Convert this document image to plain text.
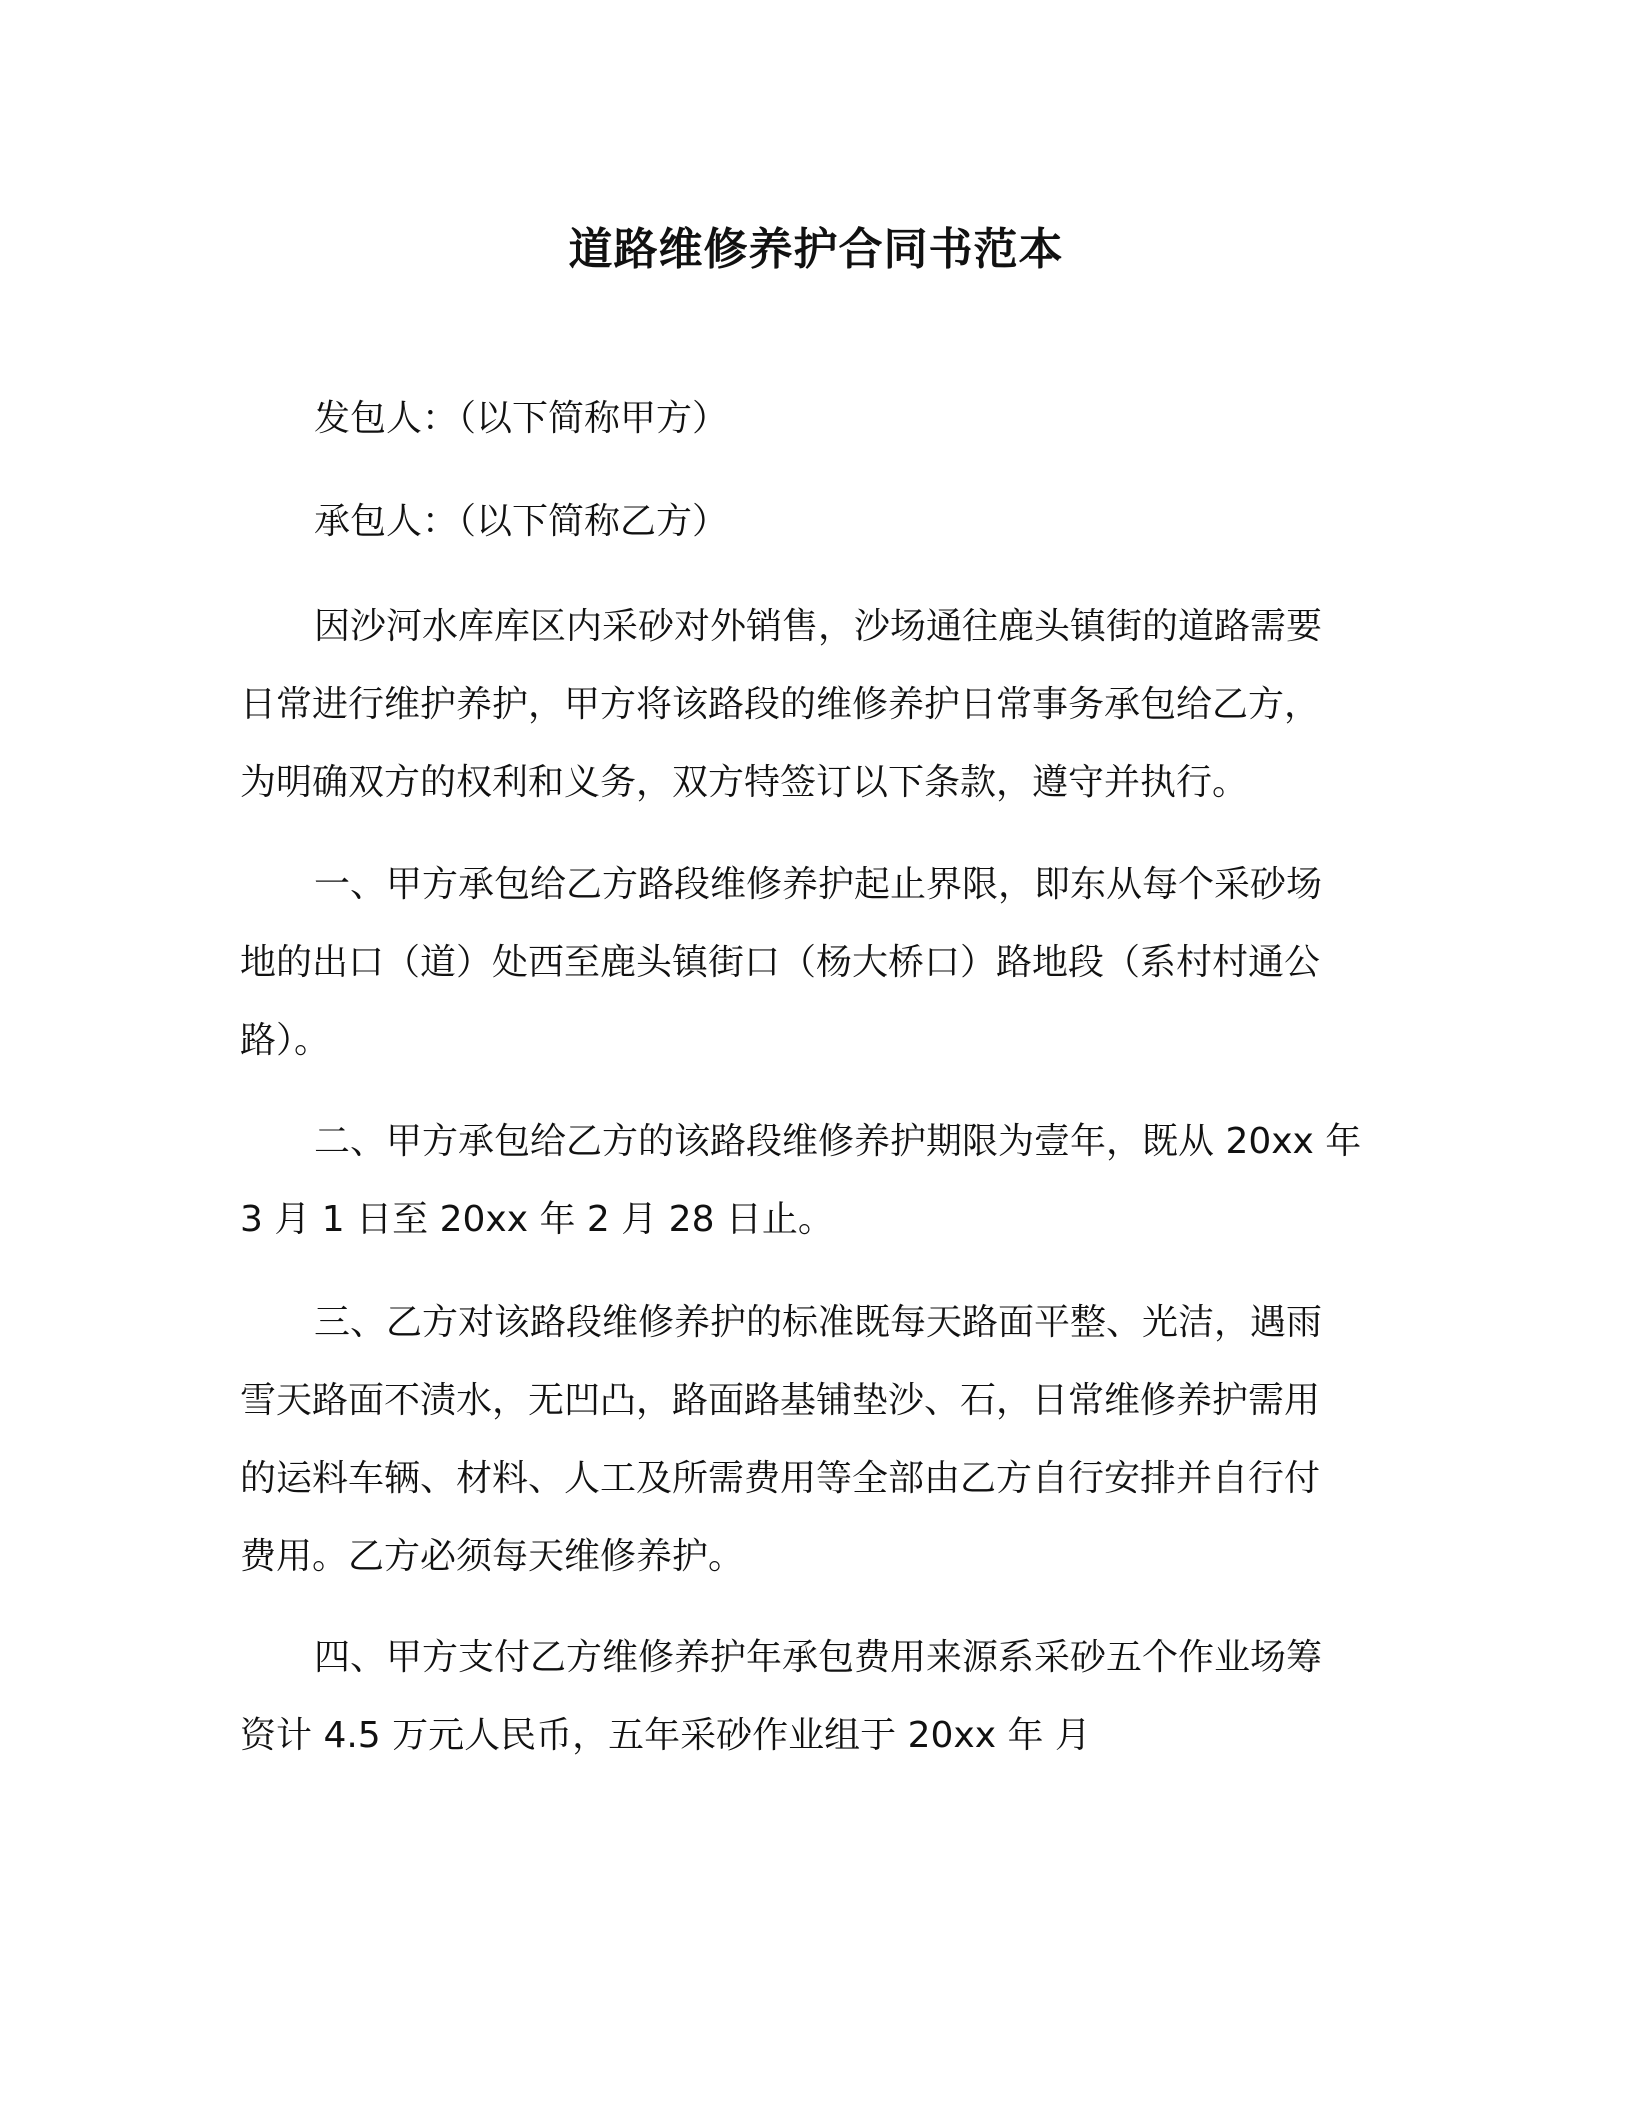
道路维修养护合同书范本
发包人：（以下简称甲方）
承包人：（以下简称乙方）
因沙河水库库区内采砂对外销售，沙场通往鹿头镇街的道路需要
日常进行维护养护，甲方将该路段的维修养护日常事务承包给乙方，
为明确双方的权利和义务，双方特签订以下条款，遵守并执行。
一、甲方承包给乙方路段维修养护起止界限，即东从每个采砂场
地的出口（道）处西至鹿头镇街口（杨大桥口）路地段（系村村通公
路）。
二、甲方承包给乙方的该路段维修养护期限为壹年，既从 20xx 年
3 月 1 日至 20xx 年 2 月 28 日止。
三、乙方对该路段维修养护的标准既每天路面平整、光洁，遇雨
雪天路面不渍水，无凹凸，路面路基铺垫沙、石，日常维修养护需用
的运料车辆、材料、人工及所需费用等全部由乙方自行安排并自行付
费用。乙方必须每天维修养护。
四、甲方支付乙方维修养护年承包费用来源系采砂五个作业场筹
资计 4.5 万元人民币，五年采砂作业组于 20xx 年 月
